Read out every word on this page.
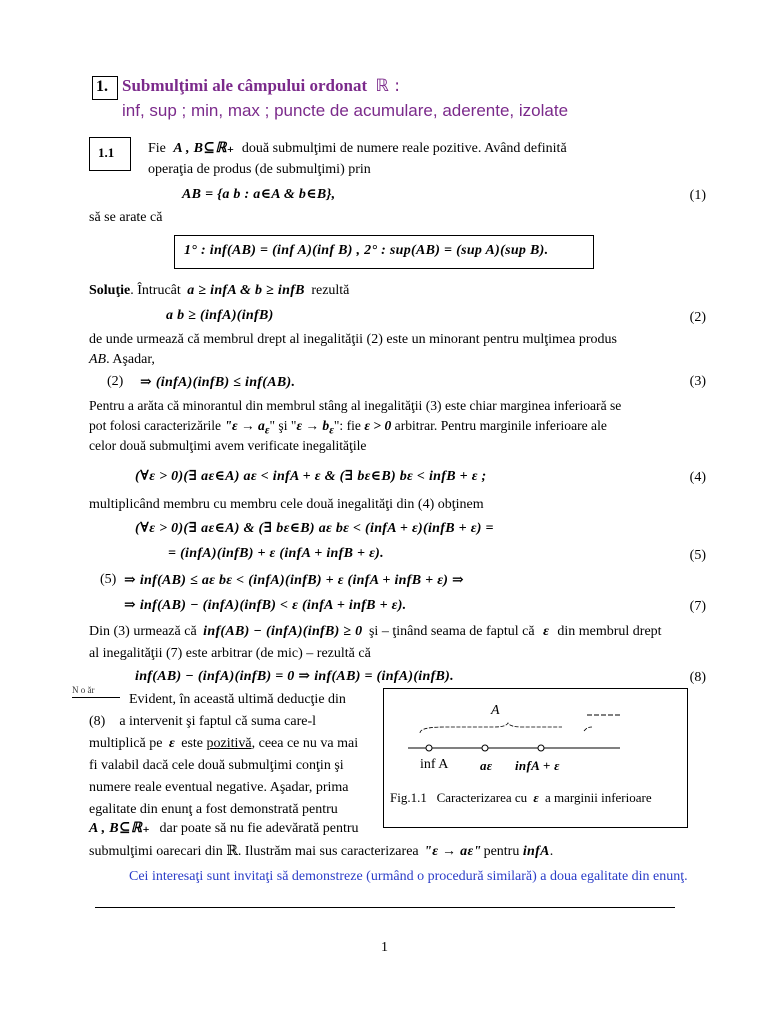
1. Submulţimi ale câmpului ordonat ℝ :
inf, sup ; min, max ; puncte de acumulare, aderente, izolate
1.1 Fie A , B⊆ℝ₊ două submulţimi de numere reale pozitive. Având definită
operaţia de produs (de submulţimi) prin
AB = {a b : a∈A & b∈B},	(1)
să se arate că
1° : inf(AB) = (inf A)(inf B) , 2° : sup(AB) = (sup A)(sup B).
Soluţie. Întrucât a ≥ infA & b ≥ infB rezultă
a b ≥ (infA)(infB)	(2)
de unde urmează că membrul drept al inegalităţii (2) este un minorant pentru mulţimea produs
AB. Aşadar,
(2) ⇒ (infA)(infB) ≤ inf(AB).	(3)
Pentru a arăta că minorantul din membrul stâng al inegalităţii (3) este chiar marginea inferioară se
pot folosi caracterizările "$\varepsilon \to a_\varepsilon$" şi "$\varepsilon \to b_\varepsilon$": fie ε > 0 arbitrar. Pentru marginile inferioare ale
celor două submulţimi avem verificate inegalităţile
(∀ε > 0)(∃ aε∈A) aε < infA + ε & (∃ bε∈B) bε < infB + ε ;	(4)
multiplicând membru cu membru cele două inegalităţi din (4) obţinem
(∀ε > 0)(∃ aε∈A) & (∃ bε∈B) aε bε < (infA + ε)(infB + ε) =
= (infA)(infB) + ε (infA + infB + ε).	(5)
(5) ⇒ inf(AB) ≤ aε bε < (infA)(infB) + ε (infA + infB + ε) ⇒
⇒ inf(AB) − (infA)(infB) < ε (infA + infB + ε).	(7)
Din (3) urmează că inf(AB) − (infA)(infB) ≥ 0 şi – ţinând seama de faptul că ε din membrul drept
al inegalităţii (7) este arbitrar (de mic) – rezultă că
inf(AB) − (infA)(infB) = 0 ⇒ inf(AB) = (infA)(infB).	(8)
N o ăr
Evident, în această ultimă deducţie din
(8)    a intervenit şi faptul că suma care-l
multiplică pe ε este pozitivă, ceea ce nu va mai
fi valabil dacă cele două submulţimi conţin şi
numere reale eventual negative. Aşadar, prima
egalitate din enunţ a fost demonstrată pentru
A , B⊆ℝ₊ dar poate să nu fie adevărată pentru
submulţimi oarecari din ℝ. Ilustrăm mai sus caracterizarea "ε → aε" pentru infA.
A
inf A aε infA + ε
Fig.1.1   Caracterizarea cu ε a marginii inferioare
Cei interesaţi sunt invitaţi să demonstreze (urmând o procedură similară) a doua egalitate din enunţ.
1
